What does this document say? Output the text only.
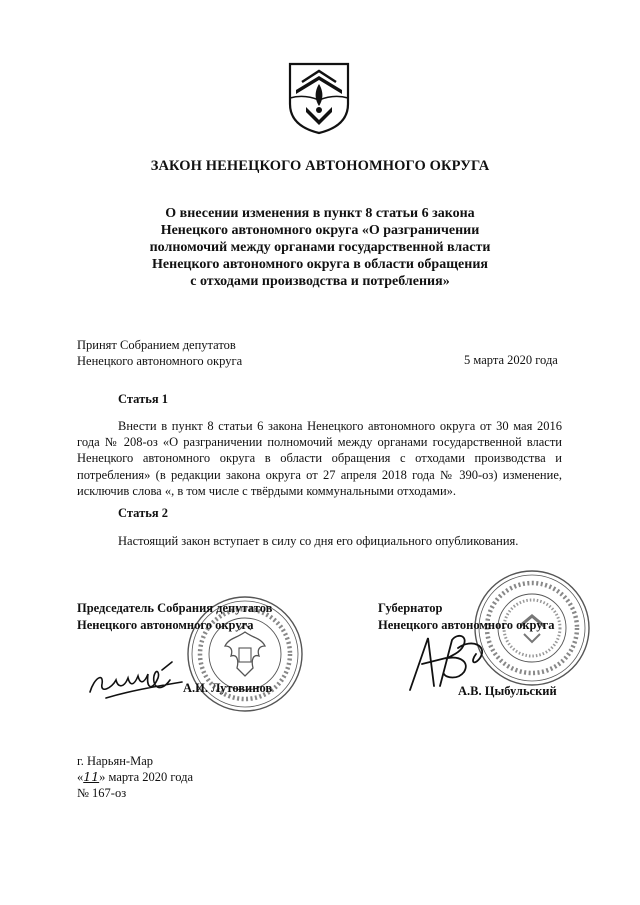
ЗАКОН НЕНЕЦКОГО АВТОНОМНОГО ОКРУГА
О внесении изменения в пункт 8 статьи 6 закона
Ненецкого автономного округа «О разграничении
полномочий между органами государственной власти
Ненецкого автономного округа в области обращения
с отходами производства и потребления»
Принят Собранием депутатов
Ненецкого автономного округа	5 марта 2020 года
Статья 1
Внести в пункт 8 статьи 6 закона Ненецкого автономного округа от 30 мая 2016 года № 208-оз «О разграничении полномочий между органами государственной власти Ненецкого автономного округа в области обращения с отходами производства и потребления» (в редакции закона округа от 27 апреля 2018 года № 390-оз) изменение, исключив слова «, в том числе с твёрдыми коммунальными отходами».
Статья 2
Настоящий закон вступает в силу со дня его официального опубликования.
Председатель Собрания депутатов
Ненецкого автономного округа
Губернатор
Ненецкого автономного округа
А.И. Лутовинов	А.В. Цыбульский
г. Нарьян-Мар
«11» марта 2020 года
№ 167-оз
